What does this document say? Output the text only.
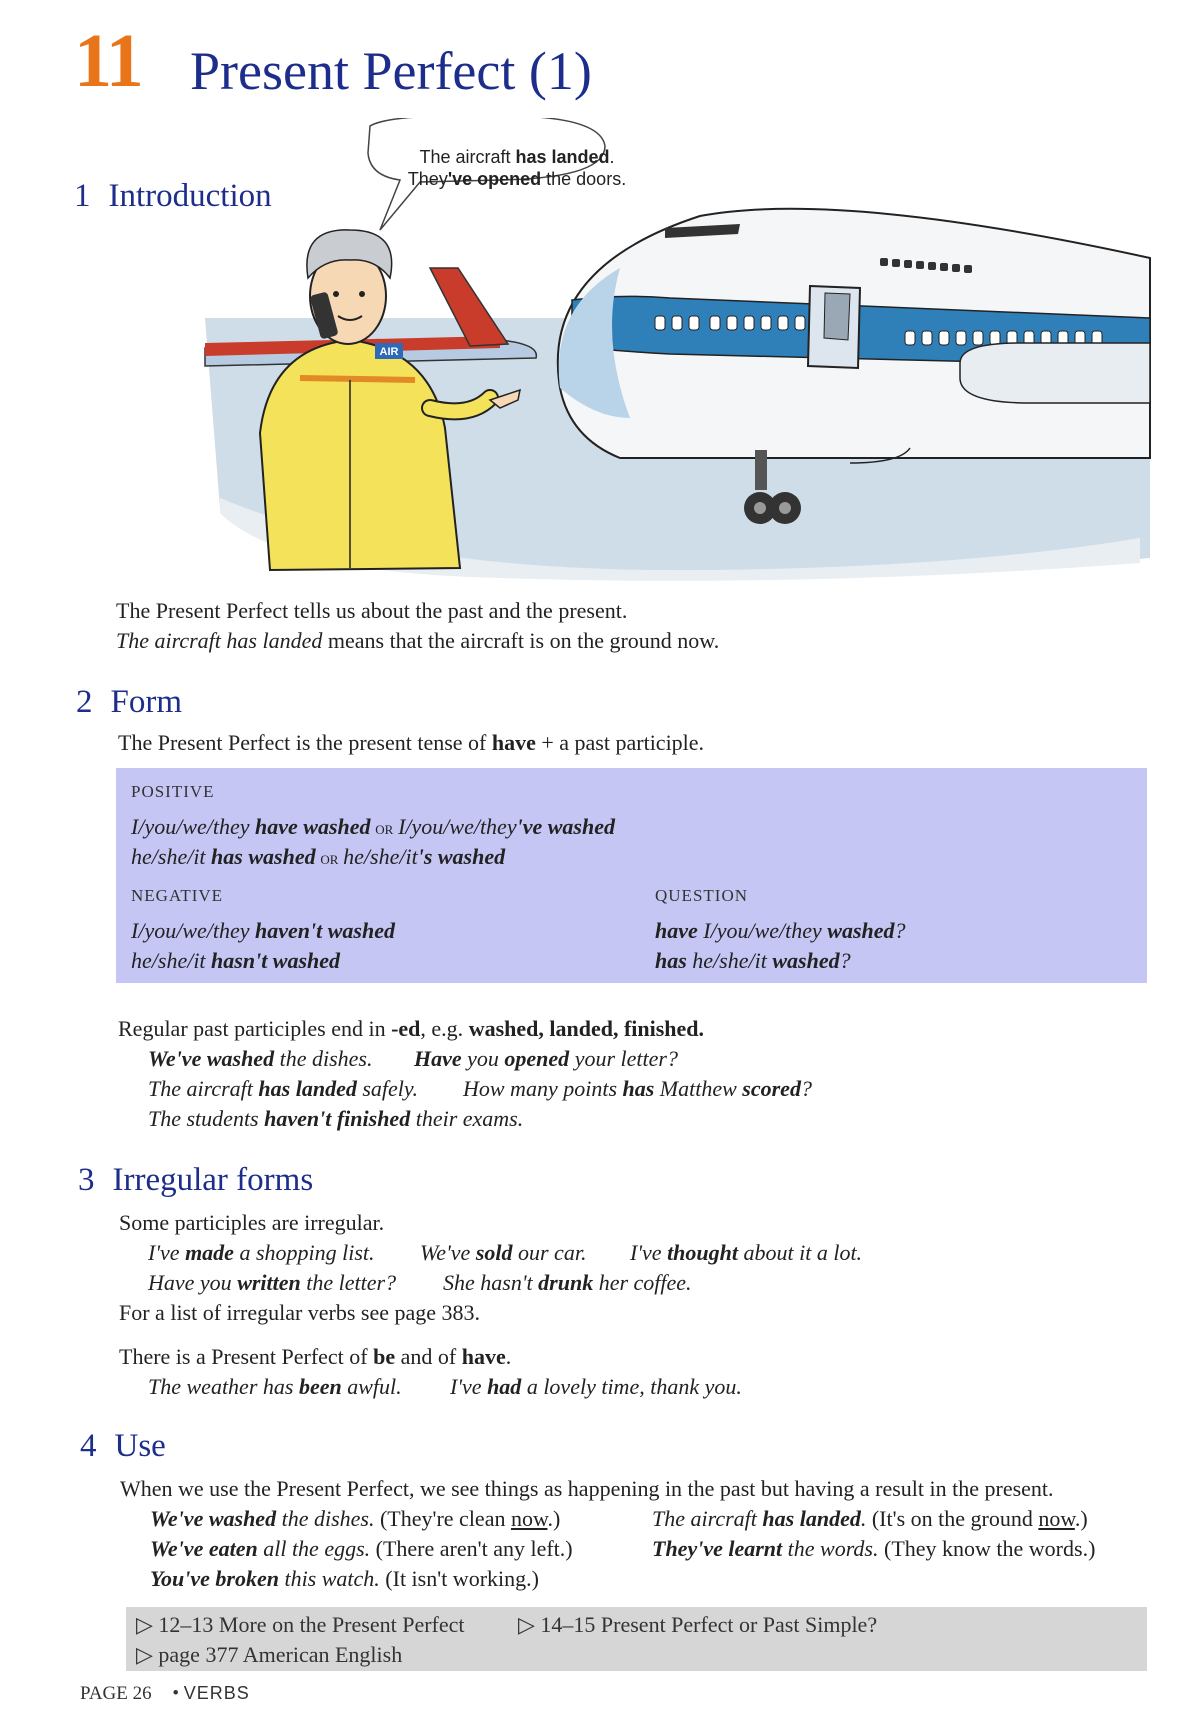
11 Present Perfect (1)
1 Introduction
AIR
The aircraft has landed.
They've opened the doors.
The Present Perfect tells us about the past and the present.
The aircraft has landed means that the aircraft is on the ground now.
2 Form
The Present Perfect is the present tense of have + a past participle.
POSITIVE
I/you/we/they have washed or I/you/we/they've washed
he/she/it has washed or he/she/it's washed
NEGATIVE
I/you/we/they haven't washed
he/she/it hasn't washed
QUESTION
have I/you/we/they washed?
has he/she/it washed?
Regular past participles end in -ed, e.g. washed, landed, finished.
We've washed the dishes. Have you opened your letter?
The aircraft has landed safely. How many points has Matthew scored?
The students haven't finished their exams.
3 Irregular forms
Some participles are irregular.
I've made a shopping list. We've sold our car. I've thought about it a lot.
Have you written the letter? She hasn't drunk her coffee.
For a list of irregular verbs see page 383.
There is a Present Perfect of be and of have.
The weather has been awful. I've had a lovely time, thank you.
4 Use
When we use the Present Perfect, we see things as happening in the past but having a result in the present.
We've washed the dishes. (They're clean now.)	The aircraft has landed. (It's on the ground now.)
We've eaten all the eggs. (There aren't any left.)	They've learnt the words. (They know the words.)
You've broken this watch. (It isn't working.)
▷ 12–13 More on the Present Perfect ▷ 14–15 Present Perfect or Past Simple?
▷ page 377 American English
PAGE 26 • VERBS
